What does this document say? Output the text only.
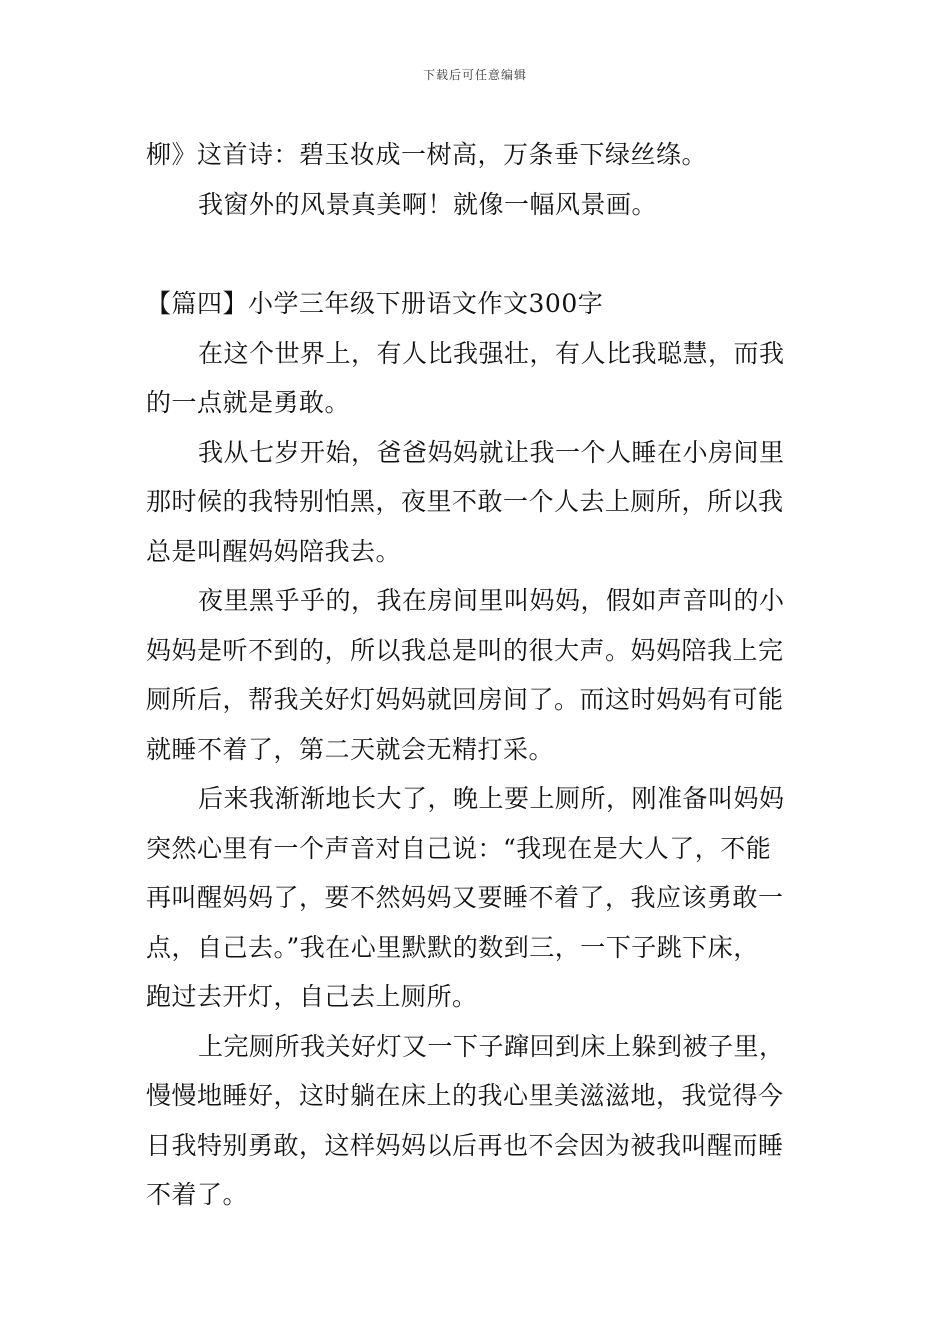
下载后可任意编辑
柳》这首诗：碧玉妆成一树高，万条垂下绿丝绦。
我窗外的风景真美啊！就像一幅风景画。
【篇四】小学三年级下册语文作文300字
在这个世界上，有人比我强壮，有人比我聪慧，而我
的一点就是勇敢。
我从七岁开始，爸爸妈妈就让我一个人睡在小房间里
那时候的我特别怕黑，夜里不敢一个人去上厕所，所以我
总是叫醒妈妈陪我去。
夜里黑乎乎的，我在房间里叫妈妈，假如声音叫的小
妈妈是听不到的，所以我总是叫的很大声。妈妈陪我上完
厕所后，帮我关好灯妈妈就回房间了。而这时妈妈有可能
就睡不着了，第二天就会无精打采。
后来我渐渐地长大了，晚上要上厕所，刚准备叫妈妈
突然心里有一个声音对自己说：“我现在是大人了，不能
再叫醒妈妈了，要不然妈妈又要睡不着了，我应该勇敢一
点，自己去。”我在心里默默的数到三，一下子跳下床，
跑过去开灯，自己去上厕所。
上完厕所我关好灯又一下子蹿回到床上躲到被子里，
慢慢地睡好，这时躺在床上的我心里美滋滋地，我觉得今
日我特别勇敢，这样妈妈以后再也不会因为被我叫醒而睡
不着了。
